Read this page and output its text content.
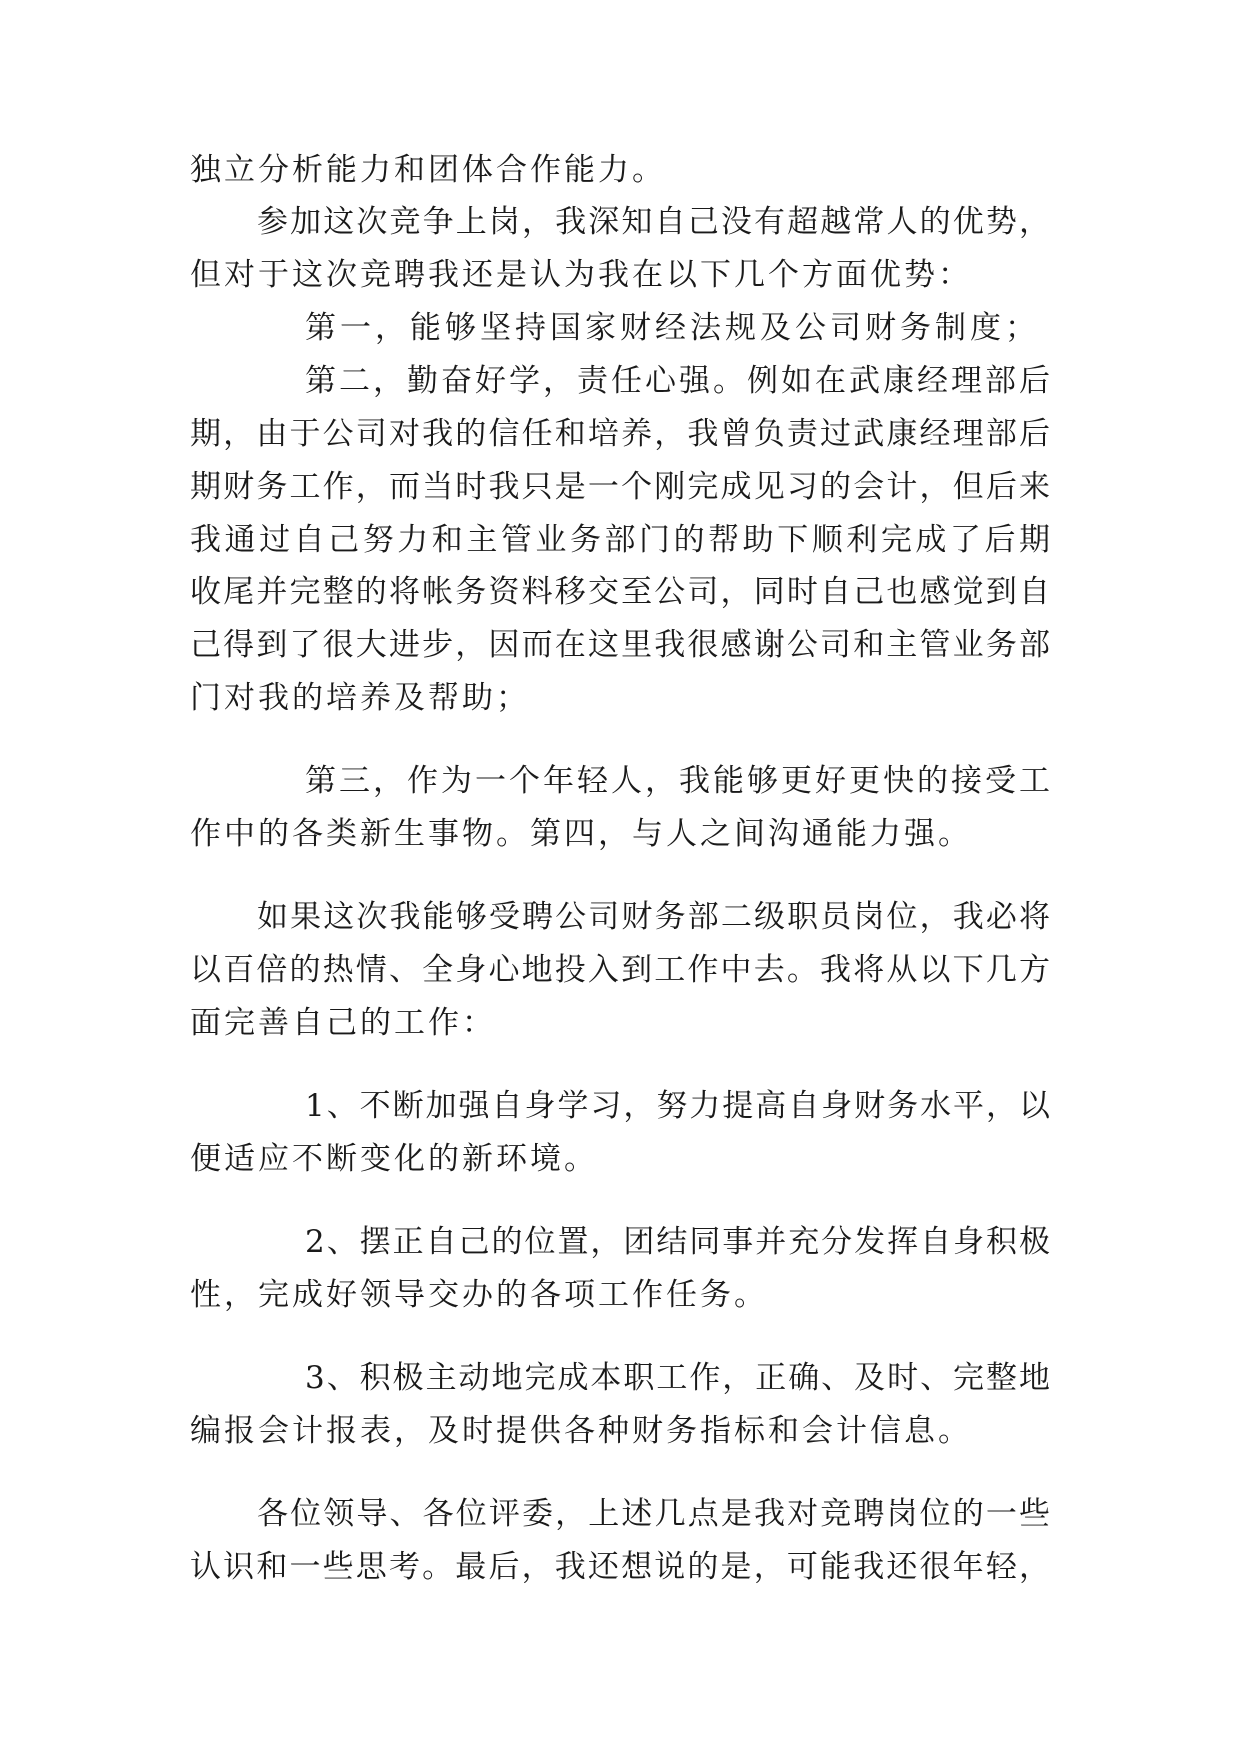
独立分析能力和团体合作能力。
参加这次竞争上岗，我深知自己没有超越常人的优势，
但对于这次竞聘我还是认为我在以下几个方面优势：
第一，能够坚持国家财经法规及公司财务制度；
第二，勤奋好学，责任心强。例如在武康经理部后
期，由于公司对我的信任和培养，我曾负责过武康经理部后
期财务工作，而当时我只是一个刚完成见习的会计，但后来
我通过自己努力和主管业务部门的帮助下顺利完成了后期
收尾并完整的将帐务资料移交至公司，同时自己也感觉到自
己得到了很大进步，因而在这里我很感谢公司和主管业务部
门对我的培养及帮助；
第三，作为一个年轻人，我能够更好更快的接受工
作中的各类新生事物。第四，与人之间沟通能力强。
如果这次我能够受聘公司财务部二级职员岗位，我必将
以百倍的热情、全身心地投入到工作中去。我将从以下几方
面完善自己的工作：
1、不断加强自身学习，努力提高自身财务水平，以
便适应不断变化的新环境。
2、摆正自己的位置，团结同事并充分发挥自身积极
性，完成好领导交办的各项工作任务。
3、积极主动地完成本职工作，正确、及时、完整地
编报会计报表，及时提供各种财务指标和会计信息。
各位领导、各位评委，上述几点是我对竞聘岗位的一些
认识和一些思考。最后，我还想说的是，可能我还很年轻，
